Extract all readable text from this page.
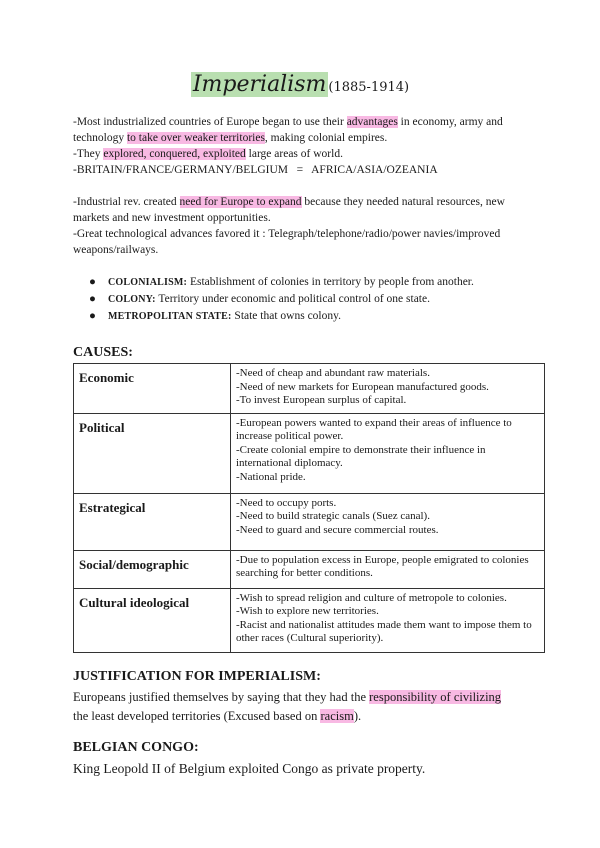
Imperialism (1885-1914)

-Most industrialized countries of Europe began to use their advantages in economy, army and

technology to take over weaker territories, making colonial empires.

-They explored, conquered, exploited large areas of world.

-BRITAIN/FRANCE/GERMANY/BELGIUM   =   AFRICA/ASIA/OZEANIA

-Industrial rev. created need for Europe to expand because they needed natural resources, new

markets and new investment opportunities.

-Great technological advances favored it : Telegraph/telephone/radio/power navies/improved

weapons/railways.

● COLONIALISM: Establishment of colonies in territory by people from another.
● COLONY: Territory under economic and political control of one state.
● METROPOLITAN STATE: State that owns colony.
CAUSES:
Economic	-Need of cheap and abundant raw materials.
-Need of new markets for European manufactured goods.
-To invest European surplus of capital.

Political	-European powers wanted to expand their areas of influence to increase political power.
-Create colonial empire to demonstrate their influence in international diplomacy.
-National pride.

Estrategical	-Need to occupy ports.
-Need to build strategic canals (Suez canal).
-Need to guard and secure commercial routes.

Social/demographic	-Due to population excess in Europe, people emigrated to colonies searching for better conditions.

Cultural ideological	-Wish to spread religion and culture of metropole to colonies.
-Wish to explore new territories.
-Racist and nationalist attitudes made them want to impose them to other races (Cultural superiority).
JUSTIFICATION FOR IMPERIALISM:
Europeans justified themselves by saying that they had the responsibility of civilizing
the least developed territories (Excused based on racism).
BELGIAN CONGO:
King Leopold II of Belgium exploited Congo as private property.
